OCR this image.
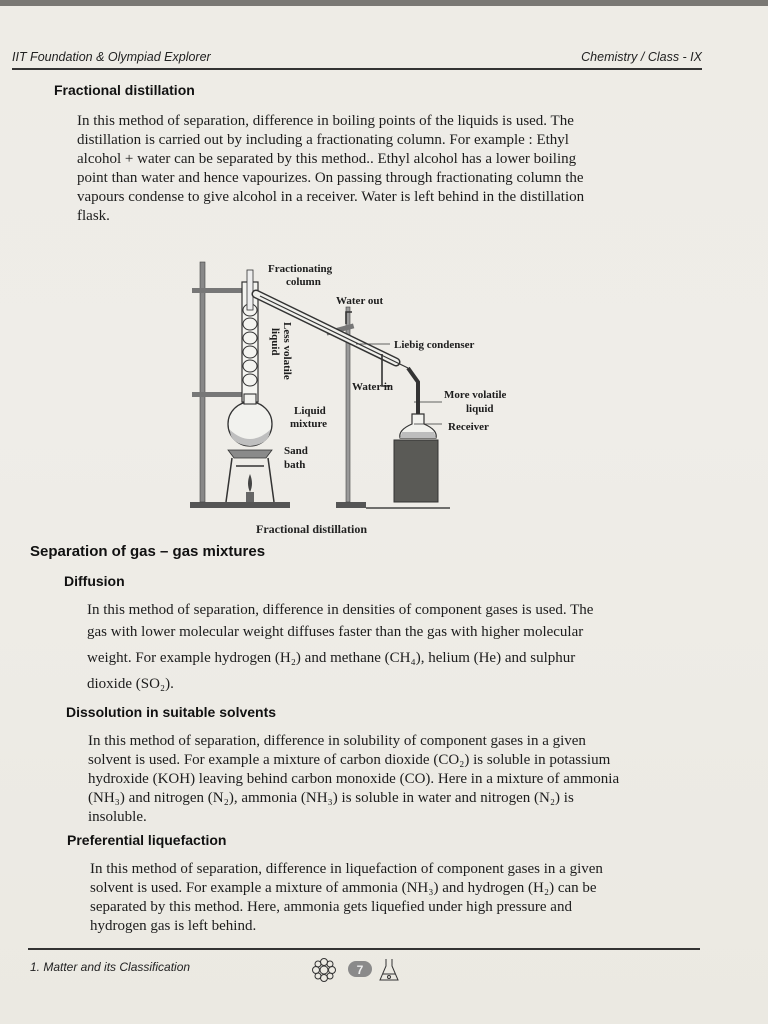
IIT Foundation & Olympiad Explorer	Chemistry / Class - IX
Fractional distillation
In this method of separation, difference in boiling points of the liquids is used. The
distillation is carried out by including a fractionating column. For example : Ethyl
alcohol + water can be separated by this method.. Ethyl alcohol has a lower boiling
point than water and hence vapourizes. On passing through fractionating column the
vapours condense to give alcohol in a receiver. Water is left behind in the distillation
flask.
Fractionating
column
Water out
Liebig condenser
Less volatile
liquid
Water in
More volatile
liquid
Liquid
mixture	Receiver
Sand
bath
Fractional distillation
Separation of gas – gas mixtures
Diffusion
In this method of separation, difference in densities of component gases is used. The
gas with lower molecular weight diffuses faster than the gas with higher molecular
weight. For example hydrogen (H₂) and methane (CH₄), helium (He) and sulphur
dioxide (SO₂).
Dissolution in suitable solvents
In this method of separation, difference in solubility of component gases in a given
solvent is used. For example a mixture of carbon dioxide (CO₂) is soluble in potassium
hydroxide (KOH) leaving behind carbon monoxide (CO). Here in a mixture of ammonia
(NH₃) and nitrogen (N₂), ammonia (NH₃) is soluble in water and nitrogen (N₂) is
insoluble.
Preferential liquefaction
In this method of separation, difference in liquefaction of component gases in a given
solvent is used. For example a mixture of ammonia (NH₃) and hydrogen (H₂) can be
separated by this method. Here, ammonia gets liquefied under high pressure and
hydrogen gas is left behind.
1. Matter and its Classification	7
